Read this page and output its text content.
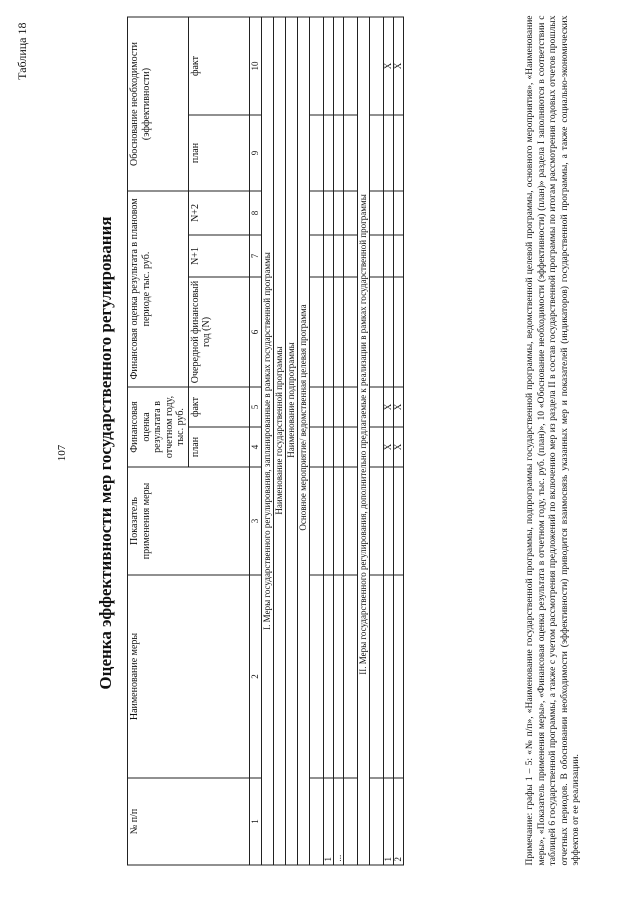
107
Таблица 18
Оценка эффективности мер государственного регулирования
№ п/п	Наименование меры	Показатель применения меры	Финансовая оценка результата в отчетном году, тыс. руб.		Финансовая оценка результата в плановом периоде тыс. руб.			Обоснование необходимости (эффективности)	
			план	факт	Очередной финансовый год (N)	N+1	N+2		
								план	факт
1	2	3	4	5	6	7	8	9	10
I. Меры государственного регулирования, запланированные в рамках государственной программы									
Наименование государственной программы									
Наименование подпрограммы									
Основное мероприятие/ ведомственная целевая программа									

1									
...									

II. Меры государственного регулирования, дополнительно предлагаемые к реализации в рамках государственной программы									

1			Х	Х					Х
2			Х	Х					Х	Примечание: графы 1 – 5: «№ п/п», «Наименование государственной программы, подпрограммы государственной программы, ведомственной целевой программы, основного мероприятия», «Наименование меры», «Показатель применения меры», «Финансовая оценка результата в отчетном году, тыс. руб. (план)», 10 «Обоснование необходимости (эффективности) (план)» раздела I заполняются в соответствии с таблицей 6 государственной программы, а также с учетом рассмотрения предложений по включению мер из раздела II в состав государственной программы по итогам рассмотрения годовых отчетов прошлых отчетных периодов. В обосновании необходимости (эффективности) приводится взаимосвязь указанных мер и показателей (индикаторов) государственной программы, а также социально-экономических эффектов от ее реализации.
